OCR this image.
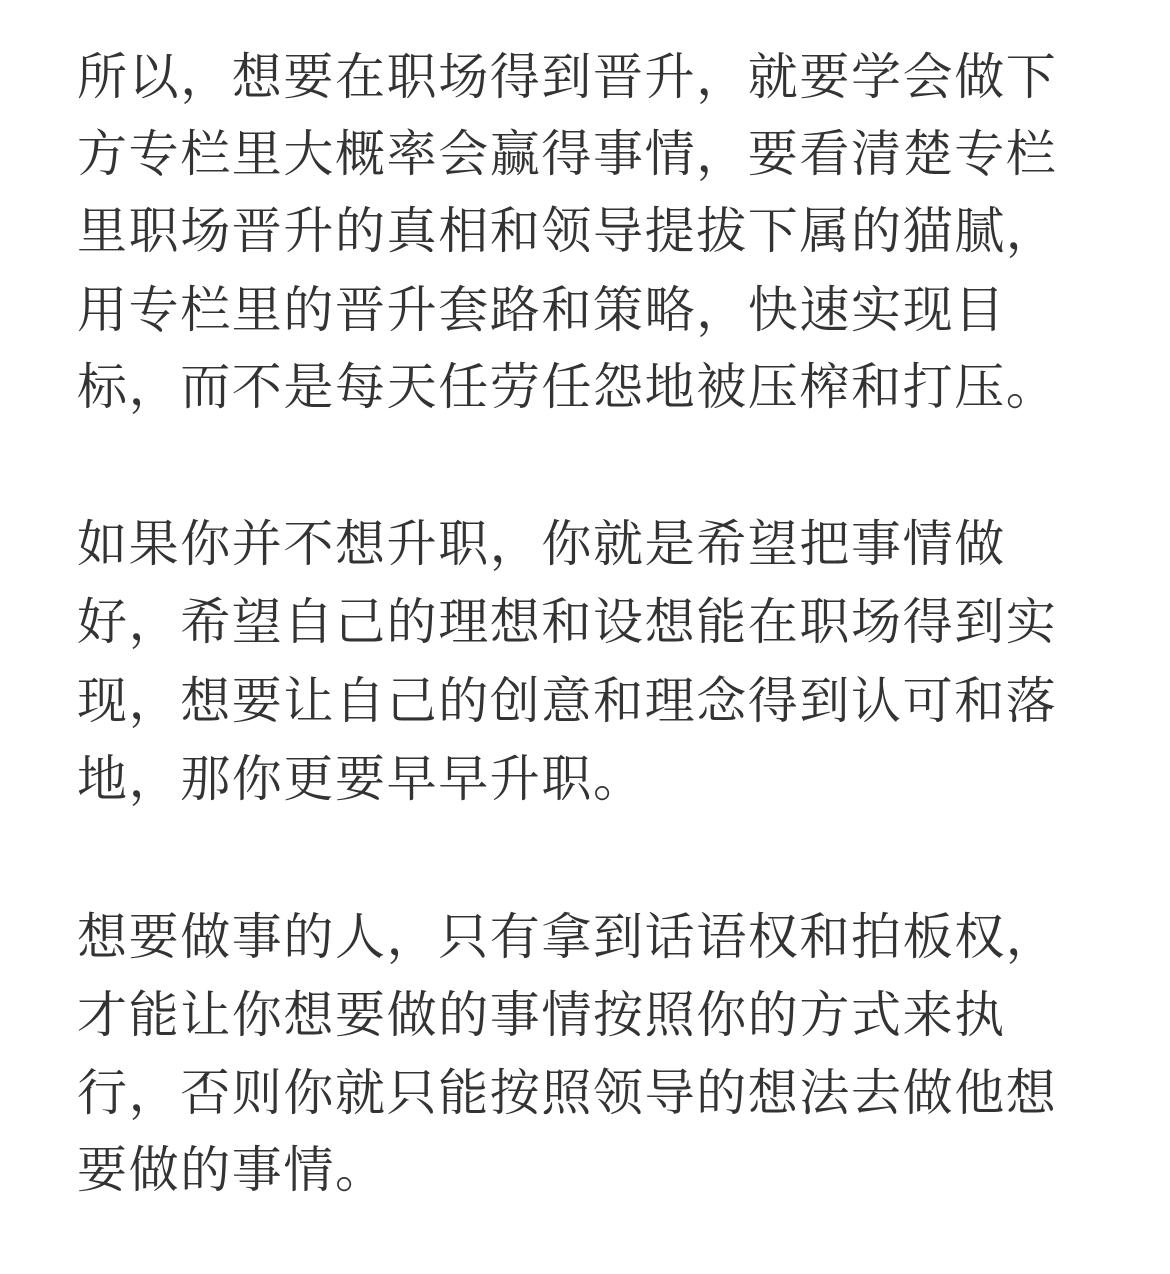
所以，想要在职场得到晋升，就要学会做下

方专栏里大概率会赢得事情，要看清楚专栏

里职场晋升的真相和领导提拔下属的猫腻，

用专栏里的晋升套路和策略，快速实现目

标，而不是每天任劳任怨地被压榨和打压。

如果你并不想升职，你就是希望把事情做

好，希望自己的理想和设想能在职场得到实

现，想要让自己的创意和理念得到认可和落

地，那你更要早早升职。

想要做事的人，只有拿到话语权和拍板权，

才能让你想要做的事情按照你的方式来执

行，否则你就只能按照领导的想法去做他想

要做的事情。
